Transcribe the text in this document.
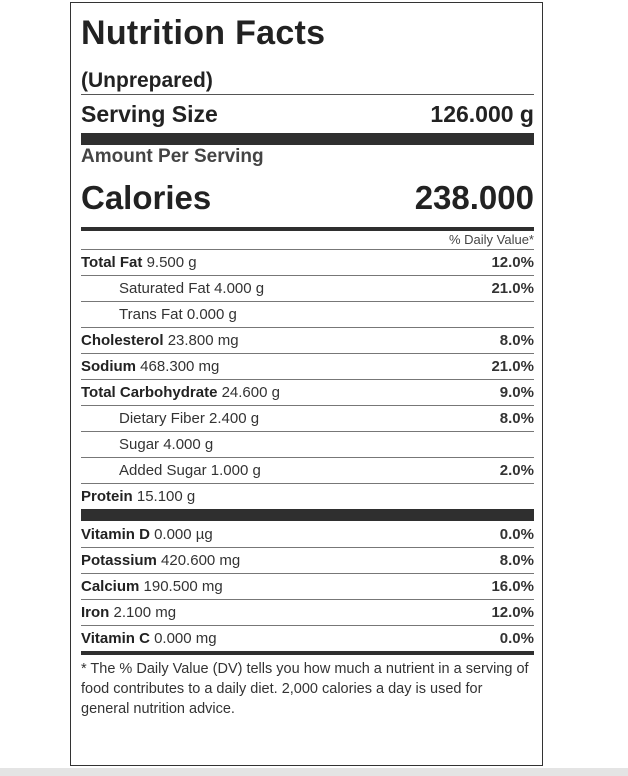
Nutrition Facts
(Unprepared)
Serving Size	126.000 g
Amount Per Serving
Calories	238.000
% Daily Value*
Total Fat 9.500 g	12.0%
Saturated Fat 4.000 g	21.0%
Trans Fat 0.000 g
Cholesterol 23.800 mg	8.0%
Sodium 468.300 mg	21.0%
Total Carbohydrate 24.600 g	9.0%
Dietary Fiber 2.400 g	8.0%
Sugar 4.000 g
Added Sugar 1.000 g	2.0%
Protein 15.100 g
Vitamin D 0.000 µg	0.0%
Potassium 420.600 mg	8.0%
Calcium 190.500 mg	16.0%
Iron 2.100 mg	12.0%
Vitamin C 0.000 mg	0.0%
* The % Daily Value (DV) tells you how much a nutrient in a serving of food contributes to a daily diet. 2,000 calories a day is used for general nutrition advice.
